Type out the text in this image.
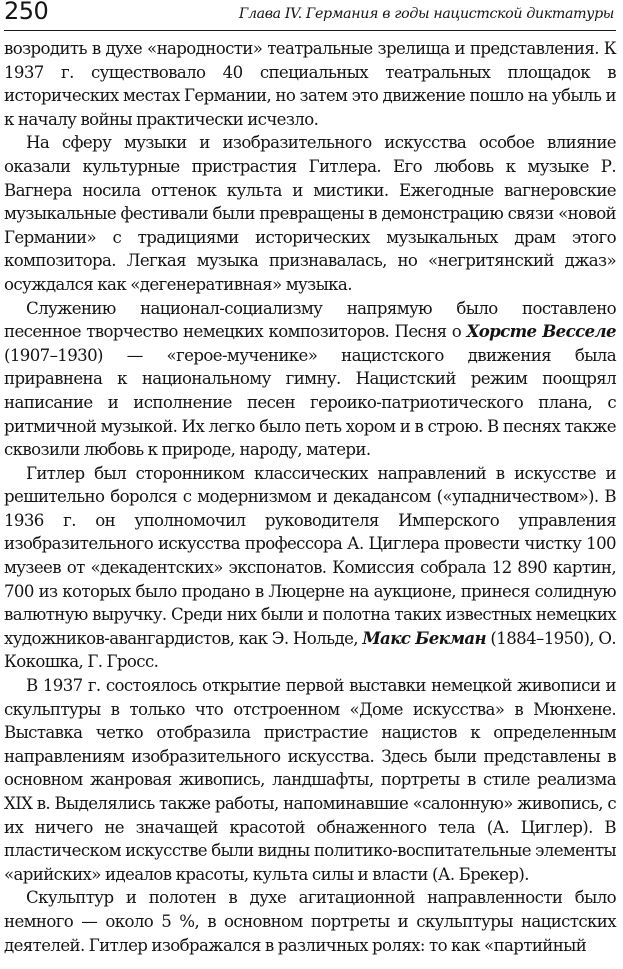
250	Глава IV. Германия в годы нацистской диктатуры

возродить в духе «народности» театральные зрелища и представления. К 1937 г. существовало 40 специальных театральных площадок в исторических местах Германии, но затем это движение пошло на убыль и к началу войны практически исчезло.

На сферу музыки и изобразительного искусства особое влияние оказали культурные пристрастия Гитлера. Его любовь к музыке Р. Вагнера носила оттенок культа и мистики. Ежегодные вагнеровские музыкальные фестивали были превращены в демонстрацию связи «новой Германии» с традициями исторических музыкальных драм этого композитора. Легкая музыка признавалась, но «негритянский джаз» осуждался как «дегенеративная» музыка.

Служению национал-социализму напрямую было поставлено песенное творчество немецких композиторов. Песня о Хорсте Весселе (1907–1930) — «герое-мученике» нацистского движения была приравнена к национальному гимну. Нацистский режим поощрял написание и исполнение песен героико-патриотического плана, с ритмичной музыкой. Их легко было петь хором и в строю. В песнях также сквозили любовь к природе, народу, матери.

Гитлер был сторонником классических направлений в искусстве и решительно боролся с модернизмом и декадансом («упадничеством»). В 1936 г. он уполномочил руководителя Имперского управления изобразительного искусства профессора А. Циглера провести чистку 100 музеев от «декадентских» экспонатов. Комиссия собрала 12 890 картин, 700 из которых было продано в Люцерне на аукционе, принеся солидную валютную выручку. Среди них были и полотна таких известных немецких художников-авангардистов, как Э. Нольде, Макс Бекман (1884–1950), О. Кокошка, Г. Гросс.

В 1937 г. состоялось открытие первой выставки немецкой живописи и скульптуры в только что отстроенном «Доме искусства» в Мюнхене. Выставка четко отобразила пристрастие нацистов к определенным направлениям изобразительного искусства. Здесь были представлены в основном жанровая живопись, ландшафты, портреты в стиле реализма XIX в. Выделялись также работы, напоминавшие «салонную» живопись, с их ничего не значащей красотой обнаженного тела (А. Циглер). В пластическом искусстве были видны политико-воспитательные элементы «арийских» идеалов красоты, культа силы и власти (А. Брекер).

Скульптур и полотен в духе агитационной направленности было немного — около 5 %, в основном портреты и скульптуры нацистских деятелей. Гитлер изображался в различных ролях: то как «партийный
